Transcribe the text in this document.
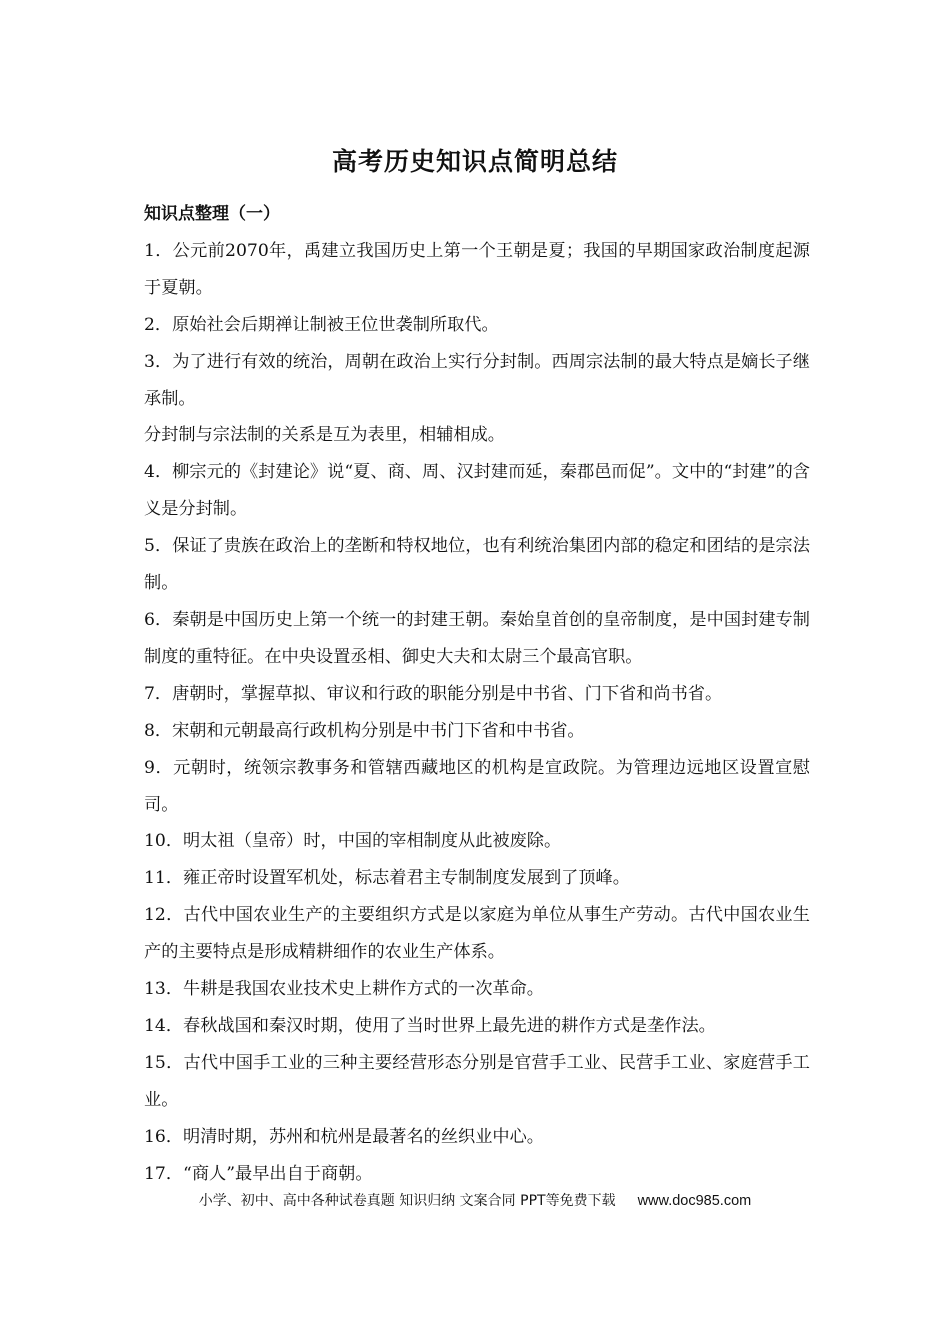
高考历史知识点简明总结

知识点整理（一）

1．公元前2070年，禹建立我国历史上第一个王朝是夏；我国的早期国家政治制度起源于夏朝。

2．原始社会后期禅让制被王位世袭制所取代。

3．为了进行有效的统治，周朝在政治上实行分封制。西周宗法制的最大特点是嫡长子继承制。

分封制与宗法制的关系是互为表里，相辅相成。

4．柳宗元的《封建论》说“夏、商、周、汉封建而延，秦郡邑而促”。文中的“封建”的含义是分封制。

5．保证了贵族在政治上的垄断和特权地位，也有利统治集团内部的稳定和团结的是宗法制。

6．秦朝是中国历史上第一个统一的封建王朝。秦始皇首创的皇帝制度，是中国封建专制制度的重特征。在中央设置丞相、御史大夫和太尉三个最高官职。

7．唐朝时，掌握草拟、审议和行政的职能分别是中书省、门下省和尚书省。

8．宋朝和元朝最高行政机构分别是中书门下省和中书省。

9．元朝时，统领宗教事务和管辖西藏地区的机构是宣政院。为管理边远地区设置宣慰司。

10．明太祖（皇帝）时，中国的宰相制度从此被废除。

11．雍正帝时设置军机处，标志着君主专制制度发展到了顶峰。

12．古代中国农业生产的主要组织方式是以家庭为单位从事生产劳动。古代中国农业生产的主要特点是形成精耕细作的农业生产体系。

13．牛耕是我国农业技术史上耕作方式的一次革命。

14．春秋战国和秦汉时期，使用了当时世界上最先进的耕作方式是垄作法。

15．古代中国手工业的三种主要经营形态分别是官营手工业、民营手工业、家庭营手工业。

16．明清时期，苏州和杭州是最著名的丝织业中心。

17．“商人”最早出自于商朝。

小学、初中、高中各种试卷真题 知识归纳 文案合同 PPT等免费下载 www.doc985.com
